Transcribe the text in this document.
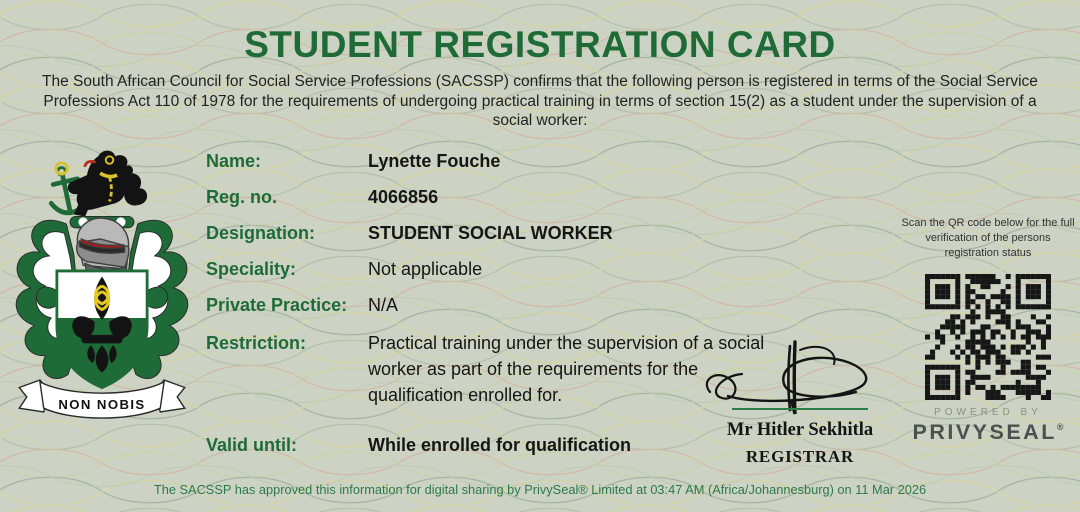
STUDENT REGISTRATION CARD

The South African Council for Social Service Professions (SACSSP) confirms that the following person is registered in terms of the Social Service Professions Act 110 of 1978 for the requirements of undergoing practical training in terms of section 15(2) as a student under the supervision of a social worker:

NON NOBIS
Name:	Lynette Fouche
Reg. no.	4066856
Designation:	STUDENT SOCIAL WORKER
Speciality:	Not applicable
Private Practice:	N/A
Restriction:	Practical training under the supervision of a social worker as part of the requirements for the qualification enrolled for.
Valid until:	While enrolled for qualification
Mr Hitler Sekhitla
REGISTRAR
Scan the QR code below for the full verification of the persons registration status
POWERED BY
PRIVYSEAL®
The SACSSP has approved this information for digital sharing by PrivySeal® Limited at 03:47 AM (Africa/Johannesburg) on 11 Mar 2026
